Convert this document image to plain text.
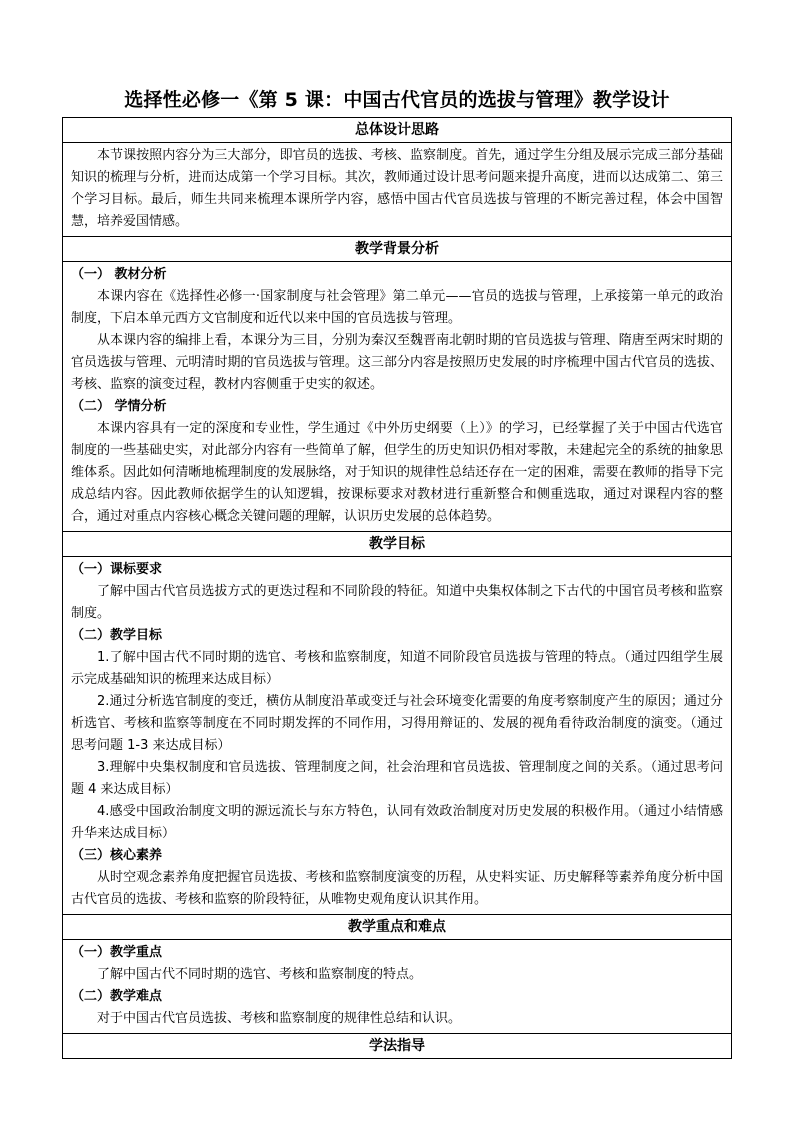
选择性必修一《第 5 课：中国古代官员的选拔与管理》教学设计
总体设计思路

本节课按照内容分为三大部分，即官员的选拔、考核、监察制度。首先，通过学生分组及展示完成三部分基础知识的梳理与分析，进而达成第一个学习目标。其次，教师通过设计思考问题来提升高度，进而以达成第二、第三个学习目标。最后，师生共同来梳理本课所学内容，感悟中国古代官员选拔与管理的不断完善过程，体会中国智慧，培养爱国情感。

教学背景分析

（一） 教材分析

本课内容在《选择性必修一·国家制度与社会管理》第二单元——官员的选拔与管理，上承接第一单元的政治制度，下启本单元西方文官制度和近代以来中国的官员选拔与管理。

从本课内容的编排上看，本课分为三目，分别为秦汉至魏晋南北朝时期的官员选拔与管理、隋唐至两宋时期的官员选拔与管理、元明清时期的官员选拔与管理。这三部分内容是按照历史发展的时序梳理中国古代官员的选拔、考核、监察的演变过程，教材内容侧重于史实的叙述。

（二） 学情分析

本课内容具有一定的深度和专业性，学生通过《中外历史纲要（上）》的学习，已经掌握了关于中国古代选官制度的一些基础史实，对此部分内容有一些简单了解，但学生的历史知识仍相对零散，未建起完全的系统的抽象思维体系。因此如何清晰地梳理制度的发展脉络，对于知识的规律性总结还存在一定的困难，需要在教师的指导下完成总结内容。因此教师依据学生的认知逻辑，按课标要求对教材进行重新整合和侧重选取，通过对课程内容的整合，通过对重点内容核心概念关键问题的理解，认识历史发展的总体趋势。

教学目标

（一）课标要求

了解中国古代官员选拔方式的更迭过程和不同阶段的特征。知道中央集权体制之下古代的中国官员考核和监察制度。

（二）教学目标

1.了解中国古代不同时期的选官、考核和监察制度，知道不同阶段官员选拔与管理的特点。（通过四组学生展示完成基础知识的梳理来达成目标）

2.通过分析选官制度的变迁，横仿从制度沿革或变迁与社会环境变化需要的角度考察制度产生的原因；通过分析选官、考核和监察等制度在不同时期发挥的不同作用，习得用辩证的、发展的视角看待政治制度的演变。（通过思考问题 1-3 来达成目标）

3.理解中央集权制度和官员选拔、管理制度之间，社会治理和官员选拔、管理制度之间的关系。（通过思考问题 4 来达成目标）

4.感受中国政治制度文明的源远流长与东方特色，认同有效政治制度对历史发展的积极作用。（通过小结情感升华来达成目标）

（三）核心素养

从时空观念素养角度把握官员选拔、考核和监察制度演变的历程，从史料实证、历史解释等素养角度分析中国古代官员的选拔、考核和监察的阶段特征，从唯物史观角度认识其作用。

教学重点和难点

（一）教学重点

了解中国古代不同时期的选官、考核和监察制度的特点。

（二）教学难点

对于中国古代官员选拔、考核和监察制度的规律性总结和认识。

学法指导
